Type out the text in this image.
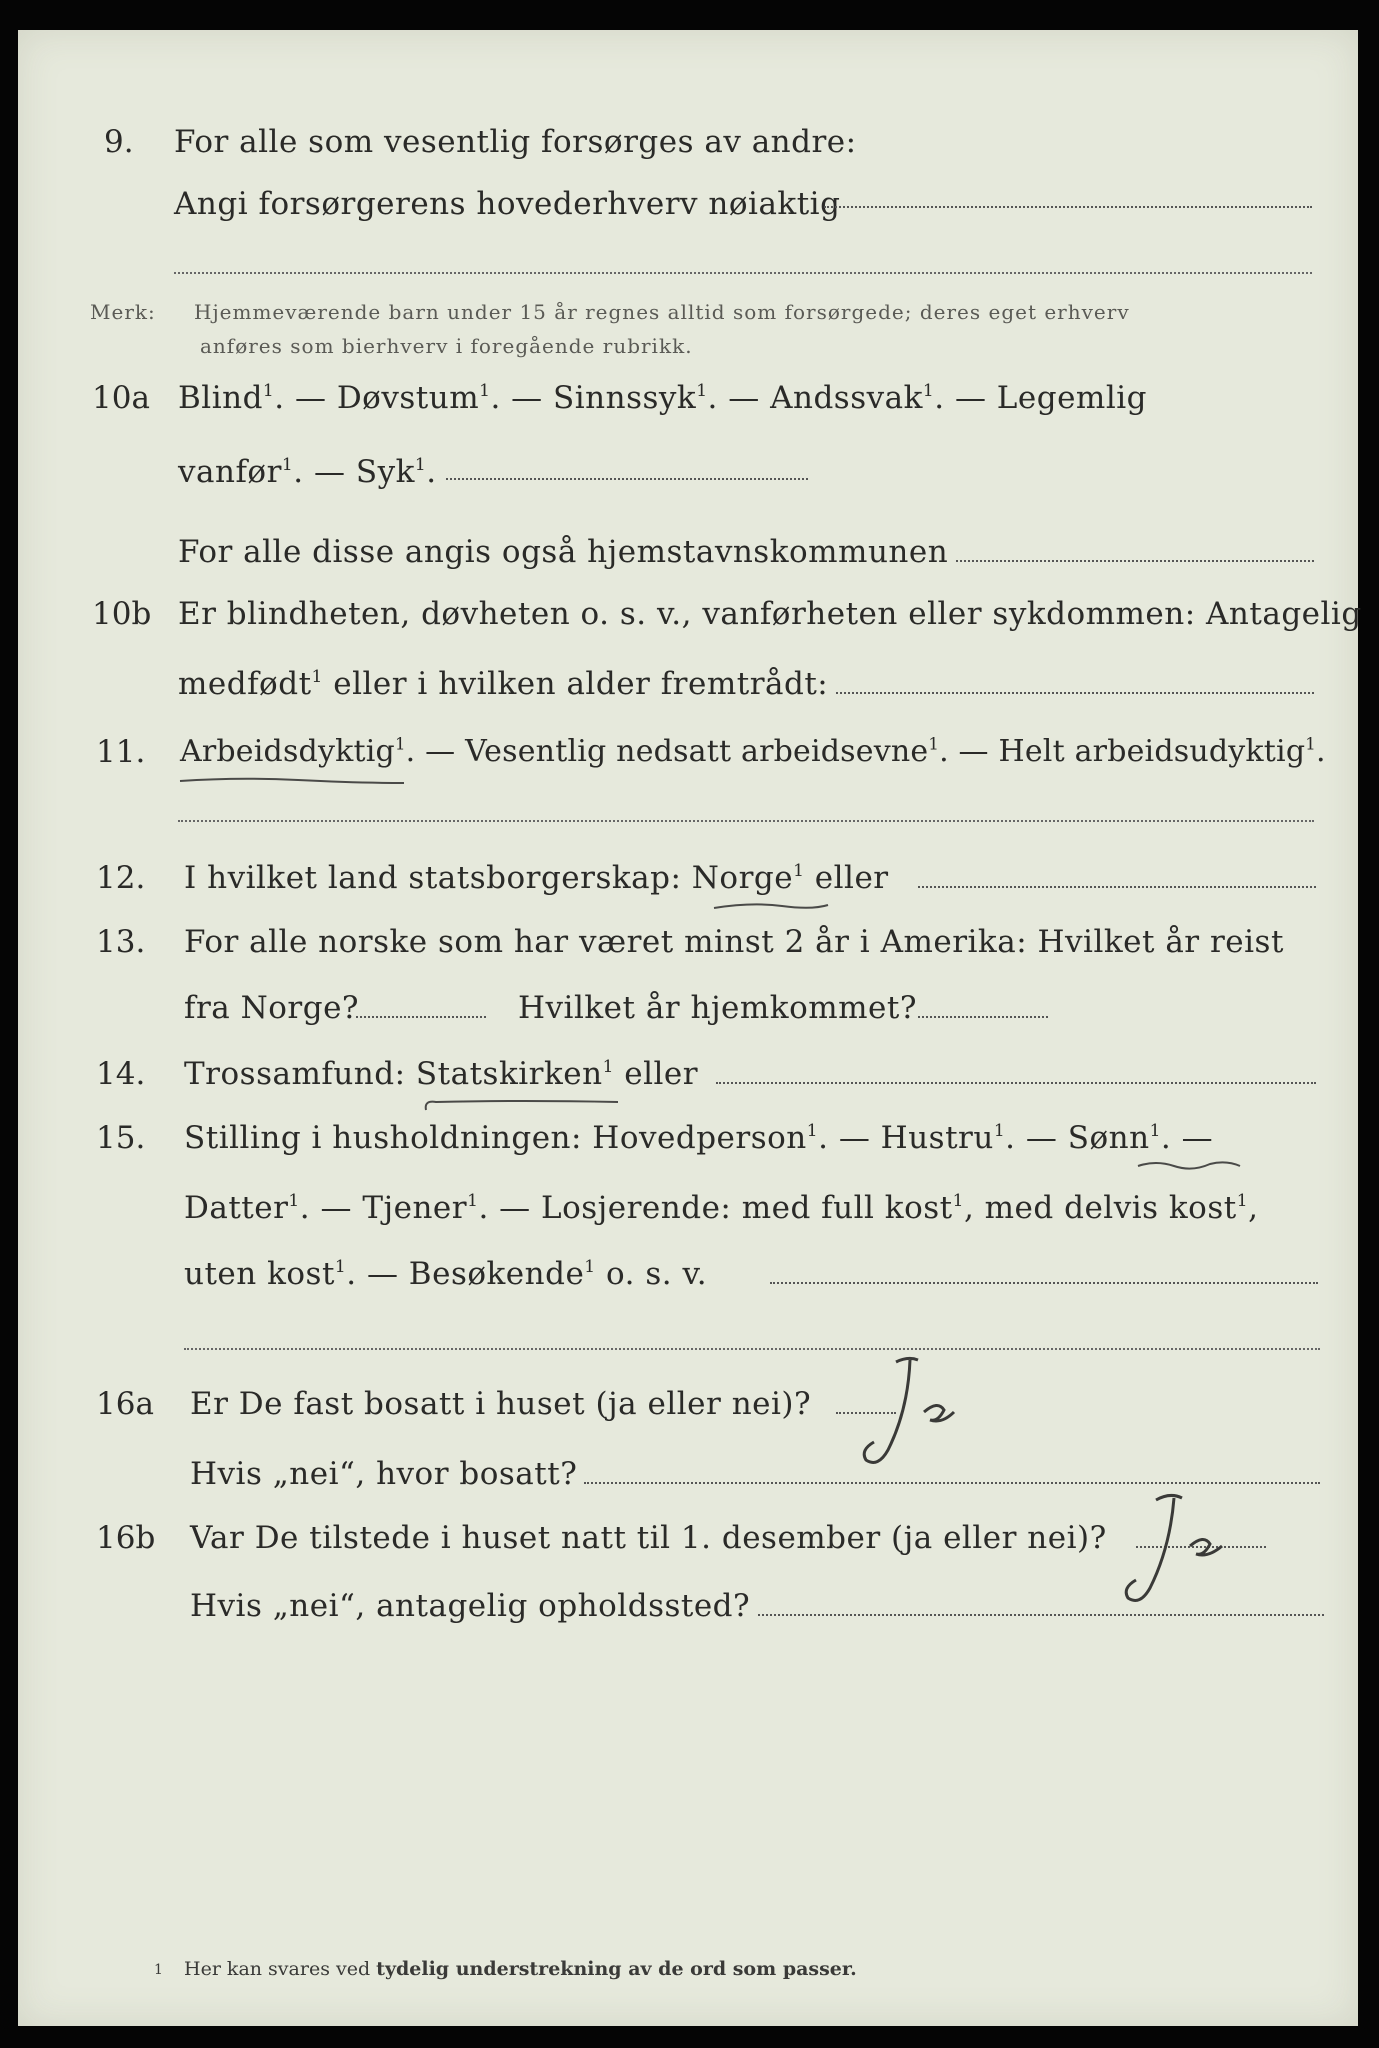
9. For alle som vesentlig forsørges av andre:
Angi forsørgerens hovederhverv nøiaktig
Merk: Hjemmeværende barn under 15 år regnes alltid som forsørgede; deres eget erhverv
anføres som bierhverv i foregående rubrikk.
10a Blind$^1$. — Døvstum$^1$. — Sinnssyk$^1$. — Andssvak$^1$. — Legemlig
vanfør$^1$. — Syk$^1$.
For alle disse angis også hjemstavnskommunen
10b Er blindheten, døvheten o. s. v., vanførheten eller sykdommen: Antagelig
medfødt$^1$ eller i hvilken alder fremtrådt:
11. Arbeidsdyktig$^1$. — Vesentlig nedsatt arbeidsevne$^1$. — Helt arbeidsudyktig$^1$.
12. I hvilket land statsborgerskap: Norge$^1$ eller
13. For alle norske som har været minst 2 år i Amerika: Hvilket år reist
fra Norge?	Hvilket år hjemkommet?
14. Trossamfund: Statskirken$^1$ eller
15. Stilling i husholdningen: Hovedperson$^1$. — Hustru$^1$. — Sønn$^1$. —
Datter$^1$. — Tjener$^1$. — Losjerende: med full kost$^1$, med delvis kost$^1$,
uten kost$^1$. — Besøkende$^1$ o. s. v.
16a Er De fast bosatt i huset (ja eller nei)?
Ja
Hvis „nei“, hvor bosatt?
16b Var De tilstede i huset natt til 1. desember (ja eller nei)?
Ja
Hvis „nei“, antagelig opholdssted?
1 Her kan svares ved tydelig understrekning av de ord som passer.
